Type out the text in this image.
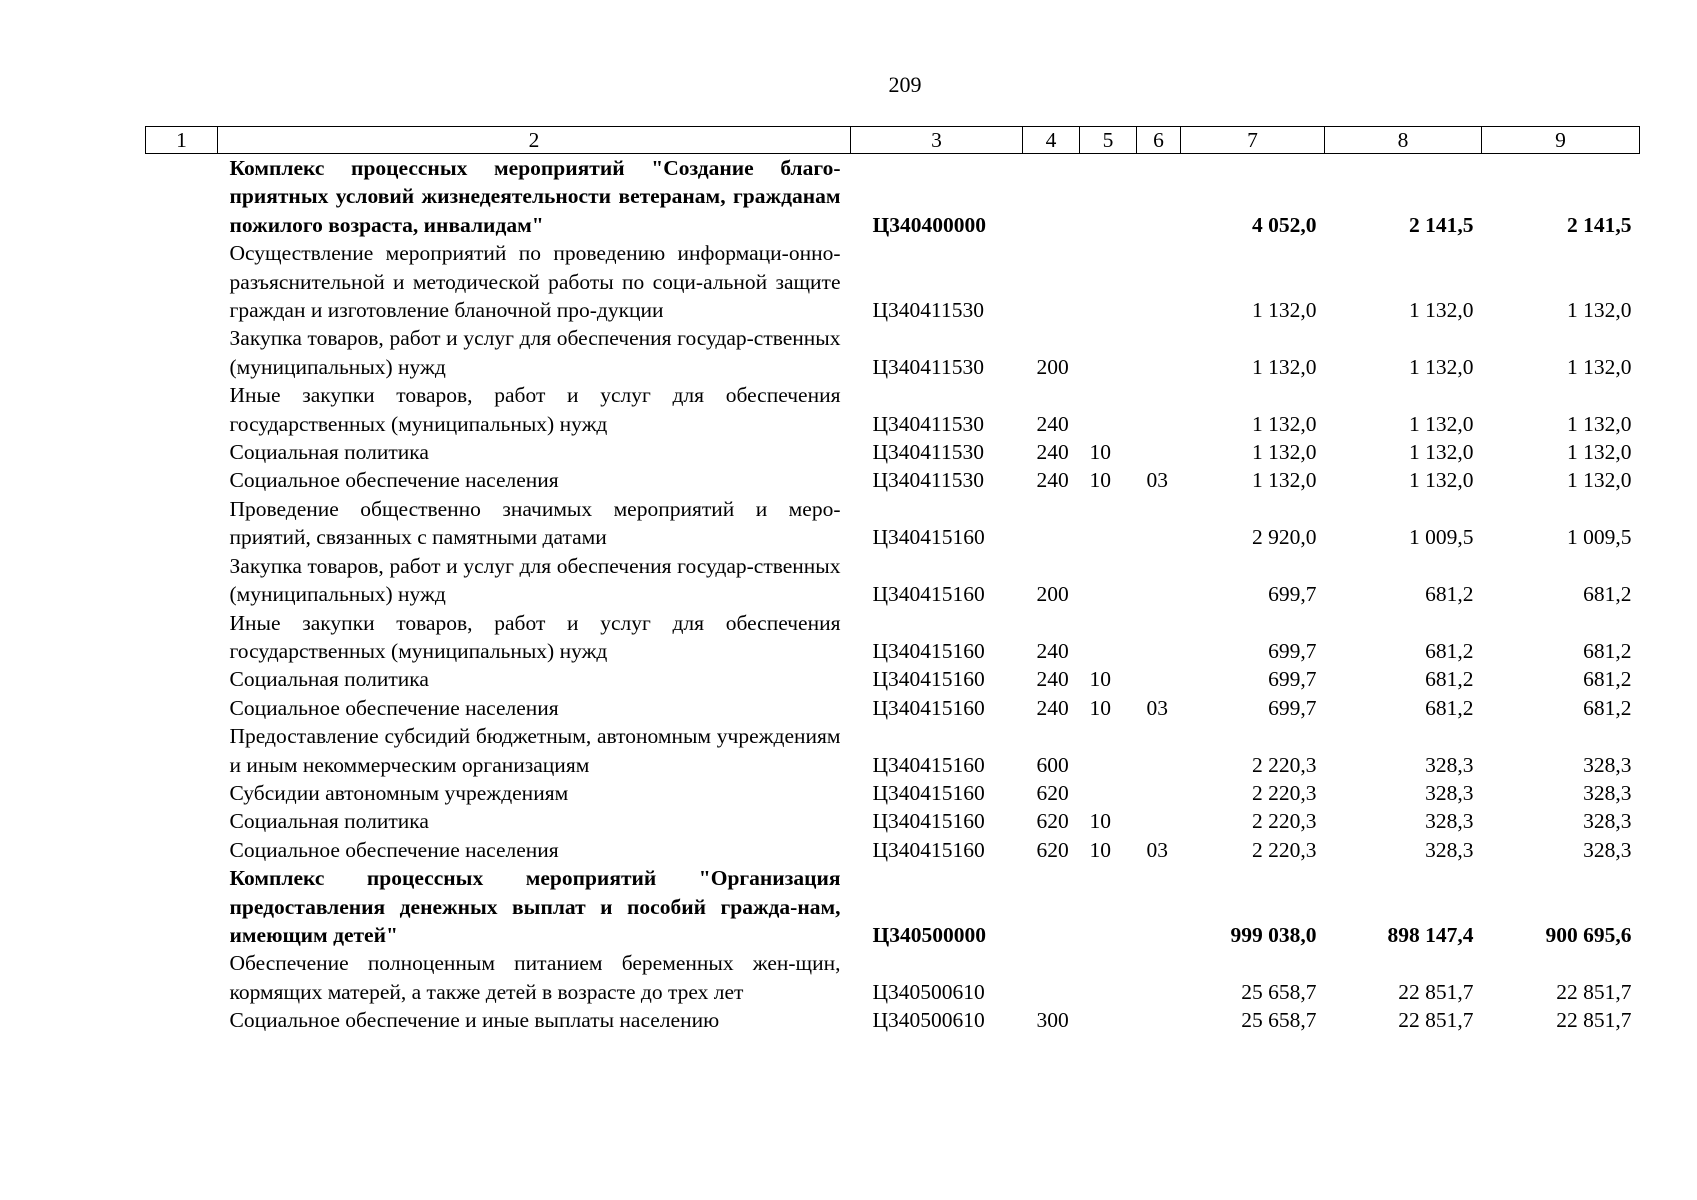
209
1	2	3	4	5	6	7	8	9
	Комплекс процессных мероприятий "Создание благо-приятных условий жизнедеятельности ветеранам, гражданам пожилого возраста, инвалидам"	Ц340400000				4 052,0	2 141,5	2 141,5
	Осуществление мероприятий по проведению информаци-онно-разъяснительной и методической работы по соци-альной защите граждан и изготовление бланочной про-дукции	Ц340411530				1 132,0	1 132,0	1 132,0
	Закупка товаров, работ и услуг для обеспечения государ-ственных (муниципальных) нужд	Ц340411530	200			1 132,0	1 132,0	1 132,0
	Иные закупки товаров, работ и услуг для обеспечения государственных (муниципальных) нужд	Ц340411530	240			1 132,0	1 132,0	1 132,0
	Социальная политика	Ц340411530	240	10		1 132,0	1 132,0	1 132,0
	Социальное обеспечение населения	Ц340411530	240	10	03	1 132,0	1 132,0	1 132,0
	Проведение общественно значимых мероприятий и меро-приятий, связанных с памятными датами	Ц340415160				2 920,0	1 009,5	1 009,5
	Закупка товаров, работ и услуг для обеспечения государ-ственных (муниципальных) нужд	Ц340415160	200			699,7	681,2	681,2
	Иные закупки товаров, работ и услуг для обеспечения государственных (муниципальных) нужд	Ц340415160	240			699,7	681,2	681,2
	Социальная политика	Ц340415160	240	10		699,7	681,2	681,2
	Социальное обеспечение населения	Ц340415160	240	10	03	699,7	681,2	681,2
	Предоставление субсидий бюджетным, автономным учреждениям и иным некоммерческим организациям	Ц340415160	600			2 220,3	328,3	328,3
	Субсидии автономным учреждениям	Ц340415160	620			2 220,3	328,3	328,3
	Социальная политика	Ц340415160	620	10		2 220,3	328,3	328,3
	Социальное обеспечение населения	Ц340415160	620	10	03	2 220,3	328,3	328,3
	Комплекс процессных мероприятий "Организация предоставления денежных выплат и пособий гражда-нам, имеющим детей"	Ц340500000				999 038,0	898 147,4	900 695,6
	Обеспечение полноценным питанием беременных жен-щин, кормящих матерей, а также детей в возрасте до трех лет	Ц340500610				25 658,7	22 851,7	22 851,7
	Социальное обеспечение и иные выплаты населению	Ц340500610	300			25 658,7	22 851,7	22 851,7
